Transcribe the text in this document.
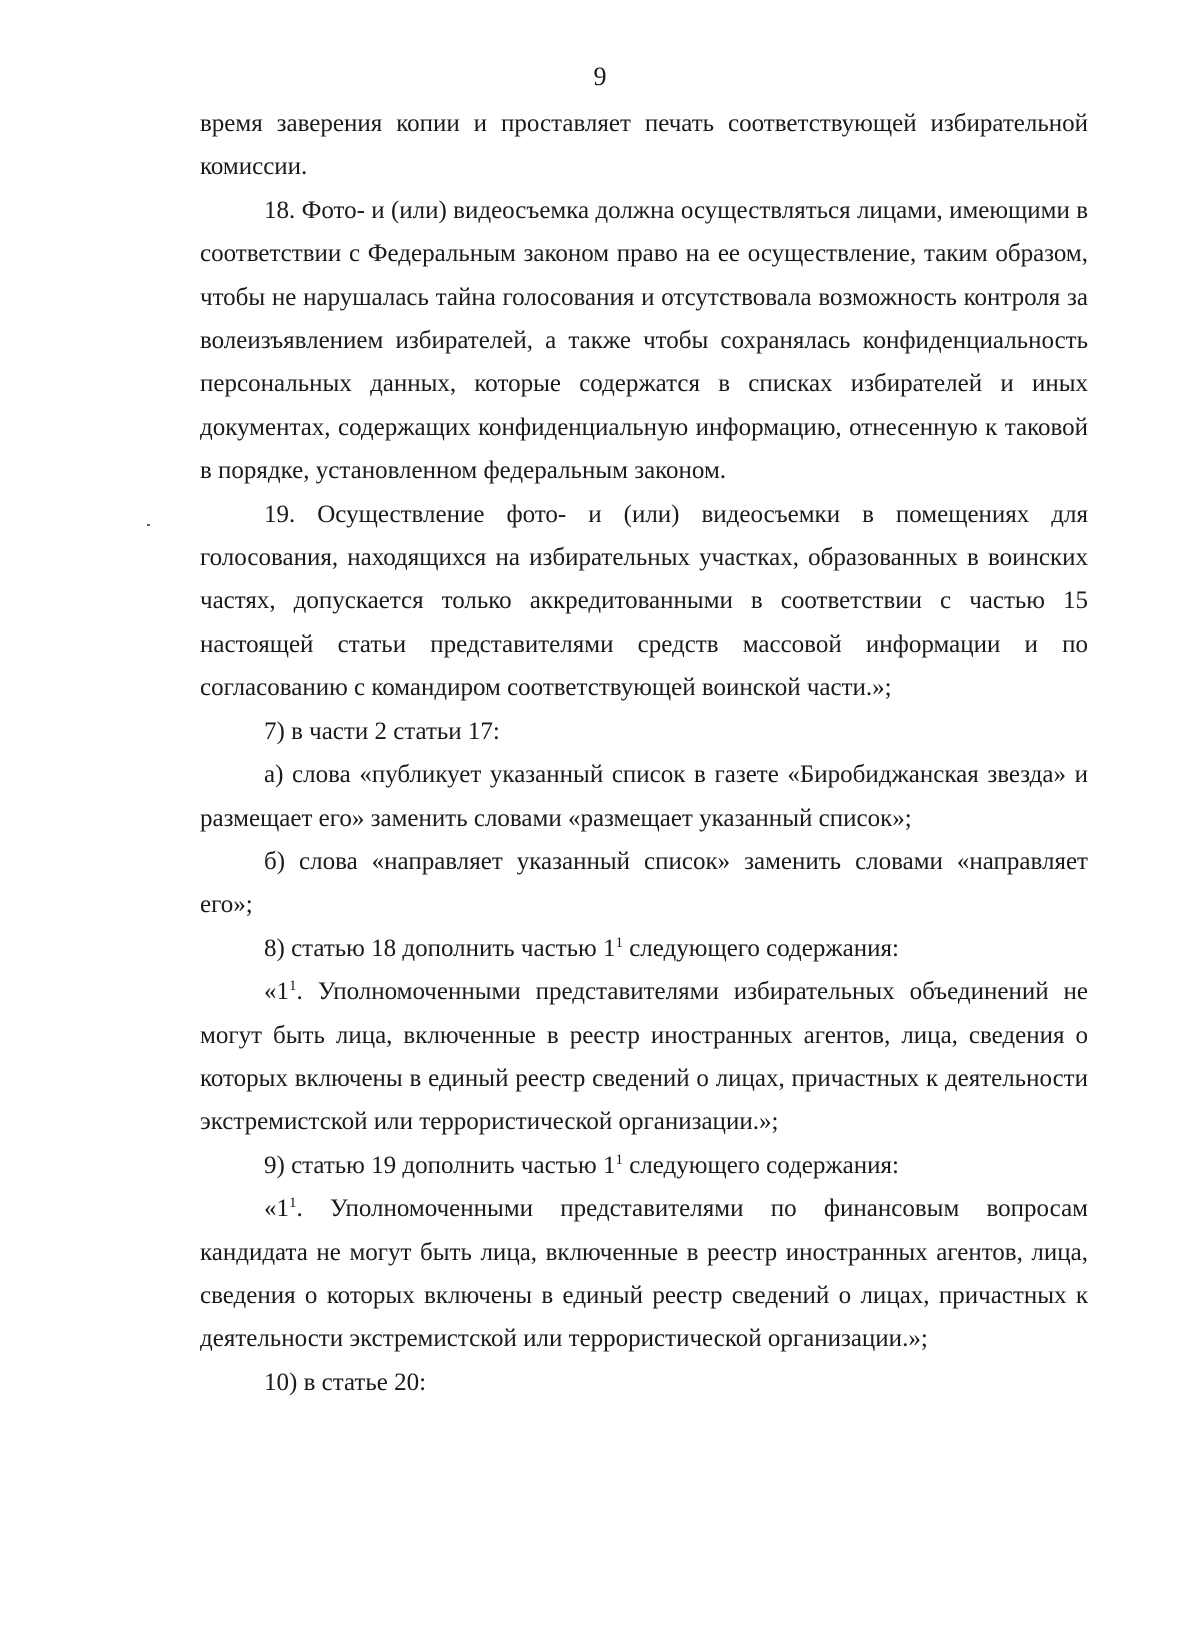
9

время заверения копии и проставляет печать соответствующей избирательной комиссии.

18. Фото- и (или) видеосъемка должна осуществляться лицами, имеющими в соответствии с Федеральным законом право на ее осуществление, таким образом, чтобы не нарушалась тайна голосования и отсутствовала возможность контроля за волеизъявлением избирателей, а также чтобы сохранялась конфиденциальность персональных данных, которые содержатся в списках избирателей и иных документах, содержащих конфиденциальную информацию, отнесенную к таковой в порядке, установленном федеральным законом.

19. Осуществление фото- и (или) видеосъемки в помещениях для голосования, находящихся на избирательных участках, образованных в воинских частях, допускается только аккредитованными в соответствии с частью 15 настоящей статьи представителями средств массовой информации и по согласованию с командиром соответствующей воинской части.»;

7) в части 2 статьи 17:

а) слова «публикует указанный список в газете «Биробиджанская звезда» и размещает его» заменить словами «размещает указанный список»;

б) слова «направляет указанный список» заменить словами «направляет его»;

8) статью 18 дополнить частью $1^1$ следующего содержания:

«$1^1$. Уполномоченными представителями избирательных объединений не могут быть лица, включенные в реестр иностранных агентов, лица, сведения о которых включены в единый реестр сведений о лицах, причастных к деятельности экстремистской или террористической организации.»;

9) статью 19 дополнить частью $1^1$ следующего содержания:

«$1^1$. Уполномоченными представителями по финансовым вопросам кандидата не могут быть лица, включенные в реестр иностранных агентов, лица, сведения о которых включены в единый реестр сведений о лицах, причастных к деятельности экстремистской или террористической организации.»;

10) в статье 20:
